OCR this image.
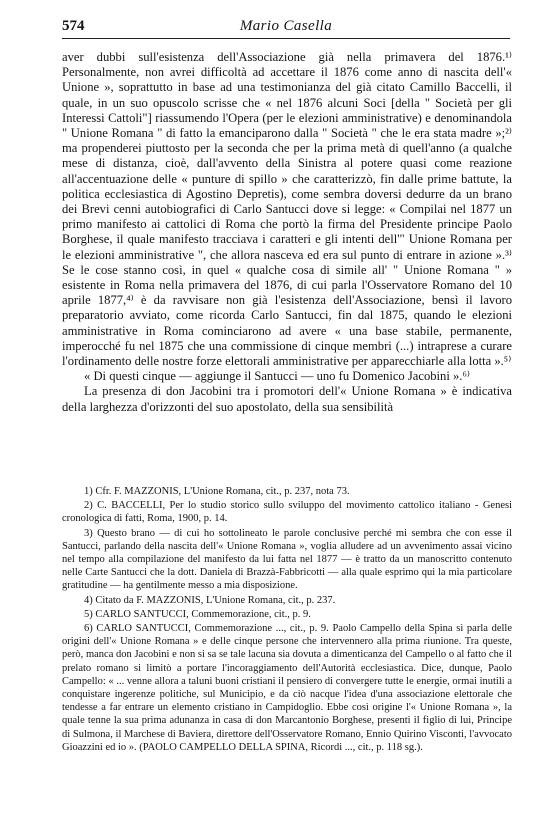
574	Mario Casella

aver dubbi sull'esistenza dell'Associazione già nella primavera del 1876.¹⁾ Personalmente, non avrei difficoltà ad accettare il 1876 come anno di nascita dell'« Unione », soprattutto in base ad una testimonianza del già citato Camillo Baccelli, il quale, in un suo opuscolo scrisse che « nel 1876 alcuni Soci [della " Società per gli Interessi Cattoli"] riassumendo l'Opera (per le elezioni amministrative) e denominandola " Unione Romana " di fatto la emanciparono dalla " Società " che le era stata madre »;²⁾ ma propenderei piuttosto per la seconda che per la prima metà di quell'anno (a qualche mese di distanza, cioè, dall'avvento della Sinistra al potere quasi come reazione all'accentuazione delle « punture di spillo » che caratterizzò, fin dalle prime battute, la politica ecclesiastica di Agostino Depretis), come sembra doversi dedurre da un brano dei Brevi cenni autobiografici di Carlo Santucci dove si legge: « Compilai nel 1877 un primo manifesto ai cattolici di Roma che portò la firma del Presidente principe Paolo Borghese, il quale manifesto tracciava i caratteri e gli intenti dell'" Unione Romana per le elezioni amministrative ", che allora nasceva ed era sul punto di entrare in azione ».³⁾ Se le cose stanno così, in quel « qualche cosa di simile all' " Unione Romana " » esistente in Roma nella primavera del 1876, di cui parla l'Osservatore Romano del 10 aprile 1877,⁴⁾ è da ravvisare non già l'esistenza dell'Associazione, bensì il lavoro preparatorio avviato, come ricorda Carlo Santucci, fin dal 1875, quando le elezioni amministrative in Roma cominciarono ad avere « una base stabile, permanente, imperocché fu nel 1875 che una commissione di cinque membri (...) intraprese a curare l'ordinamento delle nostre forze elettorali amministrative per apparecchiarle alla lotta ».⁵⁾

« Di questi cinque — aggiunge il Santucci — uno fu Domenico Jacobini ».⁶⁾

La presenza di don Jacobini tra i promotori dell'« Unione Romana » è indicativa della larghezza d'orizzonti del suo apostolato, della sua sensibilità

1) Cfr. F. MAZZONIS, L'Unione Romana, cit., p. 237, nota 73.

2) C. BACCELLI, Per lo studio storico sullo sviluppo del movimento cattolico italiano - Genesi cronologica di fatti, Roma, 1900, p. 14.

3) Questo brano — di cui ho sottolineato le parole conclusive perché mi sembra che con esse il Santucci, parlando della nascita dell'« Unione Romana », voglia alludere ad un avvenimento assai vicino nel tempo alla compilazione del manifesto da lui fatta nel 1877 — è tratto da un manoscritto contenuto nelle Carte Santucci che la dott. Daniela di Brazzà-Fabbricotti — alla quale esprimo qui la mia particolare gratitudine — ha gentilmente messo a mia disposizione.

4) Citato da F. MAZZONIS, L'Unione Romana, cit., p. 237.

5) CARLO SANTUCCI, Commemorazione, cit., p. 9.

6) CARLO SANTUCCI, Commemorazione ..., cit., p. 9. Paolo Campello della Spina sì parla delle origini dell'« Unione Romana » e delle cinque persone che intervennero alla prima riunione. Tra queste, però, manca don Jacobini e non si sa se tale lacuna sia dovuta a dimenticanza del Campello o al fatto che il prelato romano si limitò a portare l'incoraggiamento dell'Autorità ecclesiastica. Dice, dunque, Paolo Campello: « ... venne allora a taluni buoni cristiani il pensiero di convergere tutte le energie, ormai inutili a conquistare ingerenze politiche, sul Municipio, e da ciò nacque l'idea d'una associazione elettorale che tendesse a far entrare un elemento cristiano in Campidoglio. Ebbe così origine l'« Unione Romana », la quale tenne la sua prima adunanza in casa di don Marcantonio Borghese, presenti il figlio di lui, Principe di Sulmona, il Marchese di Baviera, direttore dell'Osservatore Romano, Ennio Quirino Visconti, l'avvocato Gioazzini ed io ». (PAOLO CAMPELLO DELLA SPINA, Ricordi ..., cit., p. 118 sg.).
